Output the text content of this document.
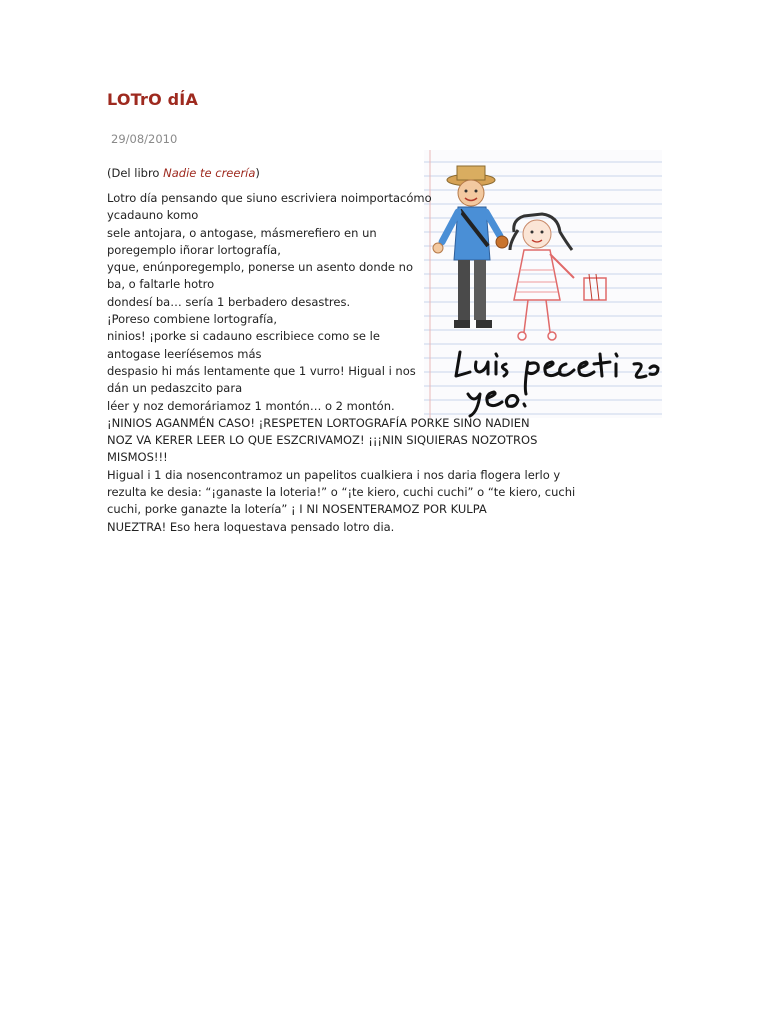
LOTrO dÍA
29/08/2010
(Del libro Nadie te creería)
Lotro día pensando que siuno escriviera noimportacómo
ycadauno komo
sele antojara, o antogase, másmerefiero en un
poregemplo iñorar lortografía,
yque, enúnporegemplo, ponerse un asento donde no
ba, o faltarle hotro
dondesí ba… sería 1 berbadero desastres.
¡Poreso combiene lortografía,
ninios! ¡porke si cadauno escribiece como se le
antogase leeríésemos más
despasio hi más lentamente que 1 vurro! Higual i nos
dán un pedaszcito para
léer y noz demoráriamoz 1 montón… o 2 montón.
¡NINIOS AGANMÉN CASO! ¡RESPETEN LORTOGRAFÍA PORKE SINO NADIEN
NOZ VA KERER LEER LO QUE ESZCRIVAMOZ! ¡¡¡NIN SIQUIERAS NOZOTROS
MISMOS!!!
Higual i 1 dia nosencontramoz un papelitos cualkiera i nos daria flogera lerlo y
rezulta ke desia: “¡ganaste la loteria!” o “¡te kiero, cuchi cuchi” o “te kiero, cuchi
cuchi, porke ganazte la lotería” ¡ I NI NOSENTERAMOZ POR KULPA
NUEZTRA! Eso hera loquestava pensado lotro dia.
